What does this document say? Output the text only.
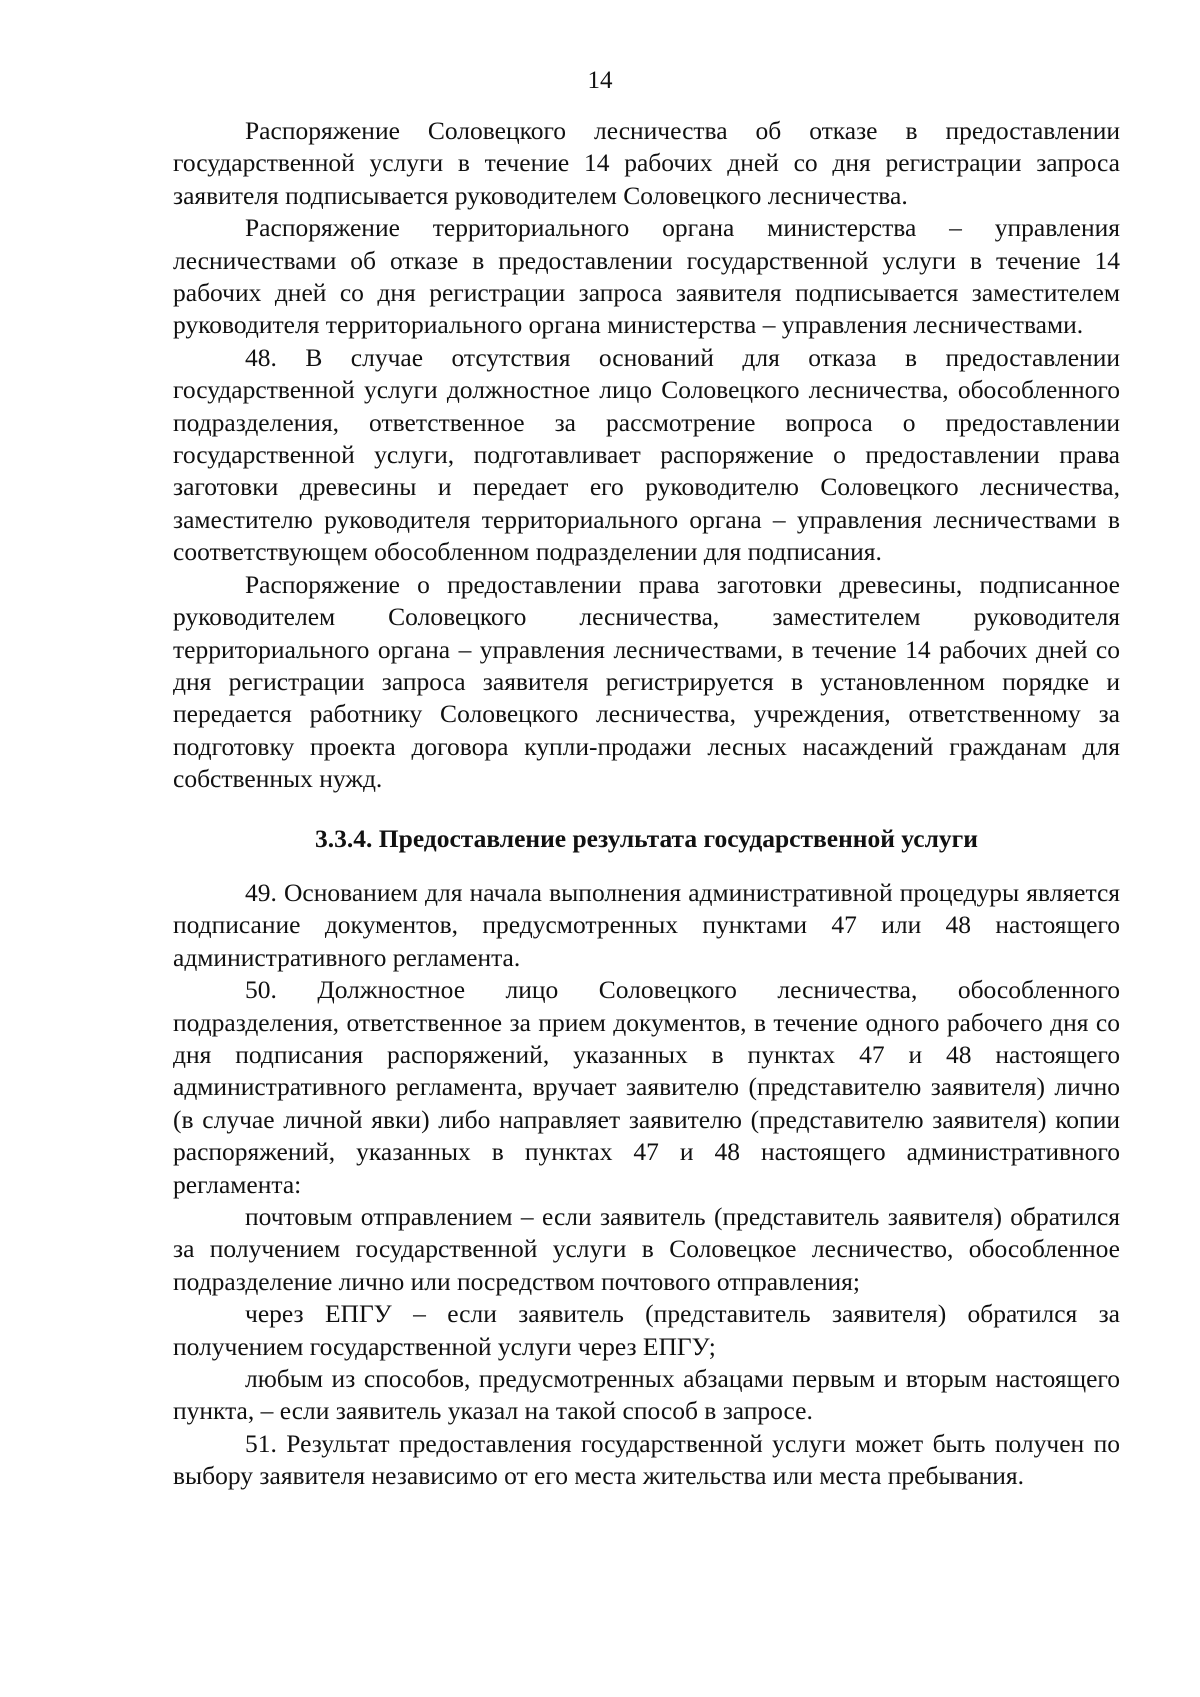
14

Распоряжение Соловецкого лесничества об отказе в предоставлении государственной услуги в течение 14 рабочих дней со дня регистрации запроса заявителя подписывается руководителем Соловецкого лесничества.

Распоряжение территориального органа министерства – управления лесничествами об отказе в предоставлении государственной услуги в течение 14 рабочих дней со дня регистрации запроса заявителя подписывается заместителем руководителя территориального органа министерства – управления лесничествами.

48. В случае отсутствия оснований для отказа в предоставлении государственной услуги должностное лицо Соловецкого лесничества, обособленного подразделения, ответственное за рассмотрение вопроса о предоставлении государственной услуги, подготавливает распоряжение о предоставлении права заготовки древесины и передает его руководителю Соловецкого лесничества, заместителю руководителя территориального органа – управления лесничествами в соответствующем обособленном подразделении для подписания.

Распоряжение о предоставлении права заготовки древесины, подписанное руководителем Соловецкого лесничества, заместителем руководителя территориального органа – управления лесничествами, в течение 14 рабочих дней со дня регистрации запроса заявителя регистрируется в установленном порядке и передается работнику Соловецкого лесничества, учреждения, ответственному за подготовку проекта договора купли-продажи лесных насаждений гражданам для собственных нужд.

3.3.4. Предоставление результата государственной услуги

49. Основанием для начала выполнения административной процедуры является подписание документов, предусмотренных пунктами 47 или 48 настоящего административного регламента.

50. Должностное лицо Соловецкого лесничества, обособленного подразделения, ответственное за прием документов, в течение одного рабочего дня со дня подписания распоряжений, указанных в пунктах 47 и 48 настоящего административного регламента, вручает заявителю (представителю заявителя) лично (в случае личной явки) либо направляет заявителю (представителю заявителя) копии распоряжений, указанных в пунктах 47 и 48 настоящего административного регламента:

почтовым отправлением – если заявитель (представитель заявителя) обратился за получением государственной услуги в Соловецкое лесничество, обособленное подразделение лично или посредством почтового отправления;

через ЕПГУ – если заявитель (представитель заявителя) обратился за получением государственной услуги через ЕПГУ;

любым из способов, предусмотренных абзацами первым и вторым настоящего пункта, – если заявитель указал на такой способ в запросе.

51. Результат предоставления государственной услуги может быть получен по выбору заявителя независимо от его места жительства или места пребывания.
